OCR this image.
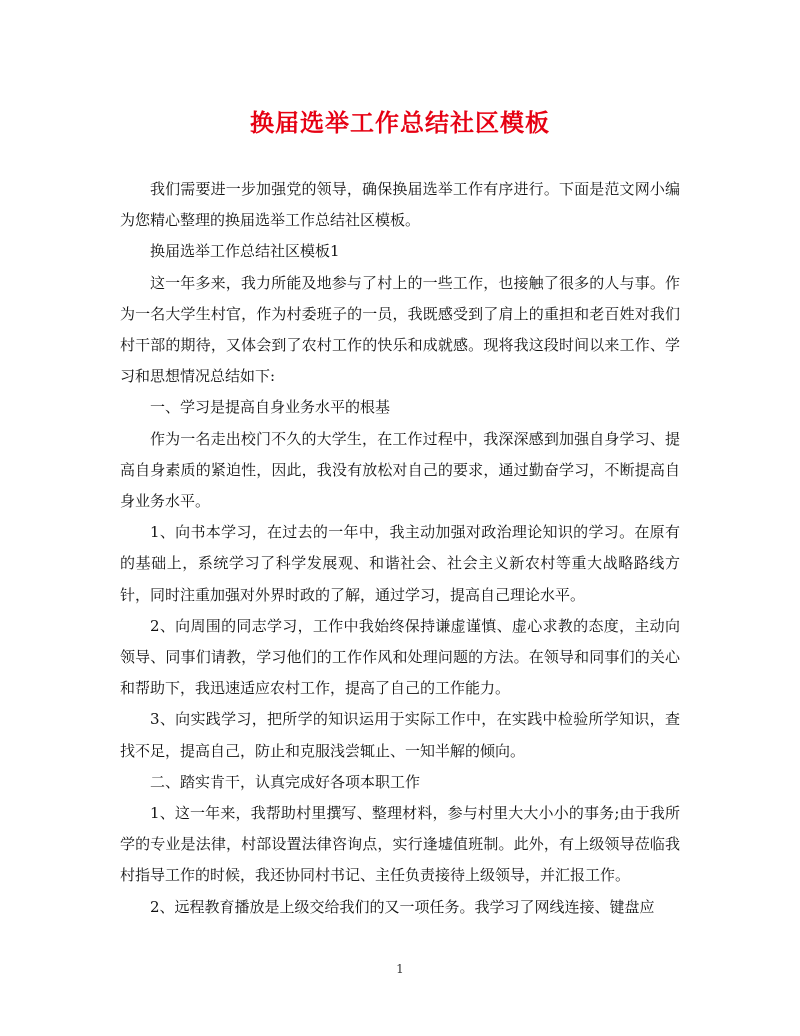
换届选举工作总结社区模板

我们需要进一步加强党的领导，确保换届选举工作有序进行。下面是范文网小编为您精心整理的换届选举工作总结社区模板。

换届选举工作总结社区模板1

这一年多来，我力所能及地参与了村上的一些工作，也接触了很多的人与事。作为一名大学生村官，作为村委班子的一员，我既感受到了肩上的重担和老百姓对我们村干部的期待，又体会到了农村工作的快乐和成就感。现将我这段时间以来工作、学习和思想情况总结如下:

一、学习是提高自身业务水平的根基

作为一名走出校门不久的大学生，在工作过程中，我深深感到加强自身学习、提高自身素质的紧迫性，因此，我没有放松对自己的要求，通过勤奋学习，不断提高自身业务水平。

1、向书本学习，在过去的一年中，我主动加强对政治理论知识的学习。在原有的基础上，系统学习了科学发展观、和谐社会、社会主义新农村等重大战略路线方针，同时注重加强对外界时政的了解，通过学习，提高自己理论水平。

2、向周围的同志学习，工作中我始终保持谦虚谨慎、虚心求教的态度，主动向领导、同事们请教，学习他们的工作作风和处理问题的方法。在领导和同事们的关心和帮助下，我迅速适应农村工作，提高了自己的工作能力。

3、向实践学习，把所学的知识运用于实际工作中，在实践中检验所学知识，查找不足，提高自己，防止和克服浅尝辄止、一知半解的倾向。

二、踏实肯干，认真完成好各项本职工作

1、这一年来，我帮助村里撰写、整理材料，参与村里大大小小的事务;由于我所学的专业是法律，村部设置法律咨询点，实行逢墟值班制。此外，有上级领导莅临我村指导工作的时候，我还协同村书记、主任负责接待上级领导，并汇报工作。

2、远程教育播放是上级交给我们的又一项任务。我学习了网线连接、键盘应

1
